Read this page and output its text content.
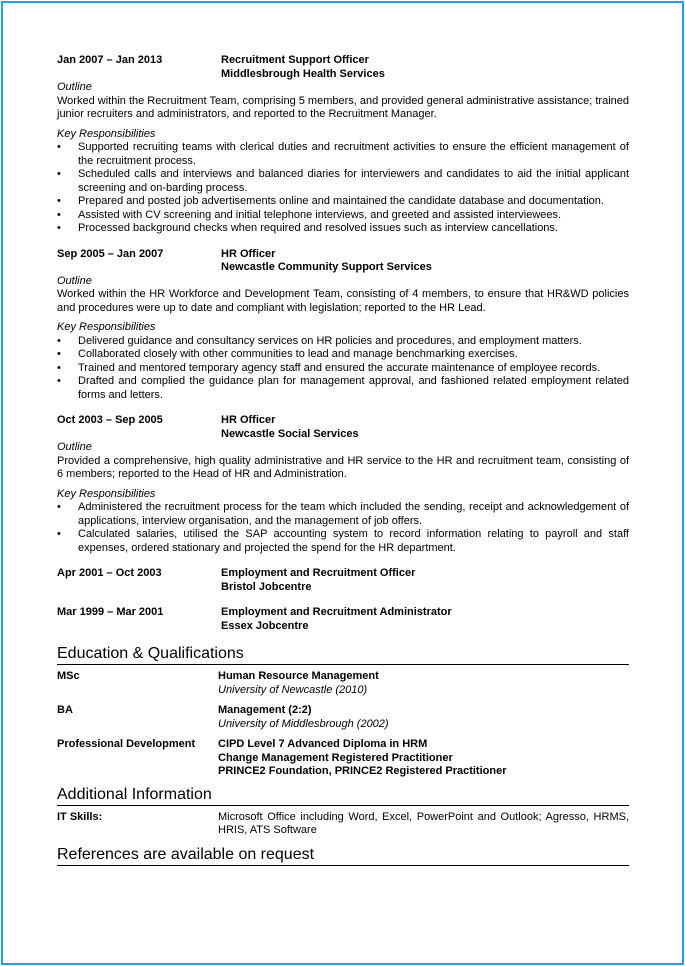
Jan 2007 – Jan 2013	Recruitment Support Officer
Middlesbrough Health Services
Outline
Worked within the Recruitment Team, comprising 5 members, and provided general administrative assistance; trained junior recruiters and administrators, and reported to the Recruitment Manager.
Key Responsibilities
•	Supported recruiting teams with clerical duties and recruitment activities to ensure the efficient management of the recruitment process.
•	Scheduled calls and interviews and balanced diaries for interviewers and candidates to aid the initial applicant screening and on-barding process.
•	Prepared and posted job advertisements online and maintained the candidate database and documentation.
•	Assisted with CV screening and initial telephone interviews, and greeted and assisted interviewees.
•	Processed background checks when required and resolved issues such as interview cancellations.
Sep 2005 – Jan 2007	HR Officer
Newcastle Community Support Services
Outline
Worked within the HR Workforce and Development Team, consisting of 4 members, to ensure that HR&WD policies and procedures were up to date and compliant with legislation; reported to the HR Lead.
Key Responsibilities
•	Delivered guidance and consultancy services on HR policies and procedures, and employment matters.
•	Collaborated closely with other communities to lead and manage benchmarking exercises.
•	Trained and mentored temporary agency staff and ensured the accurate maintenance of employee records.
•	Drafted and complied the guidance plan for management approval, and fashioned related employment related forms and letters.
Oct 2003 – Sep 2005	HR Officer
Newcastle Social Services
Outline
Provided a comprehensive, high quality administrative and HR service to the HR and recruitment team, consisting of 6 members; reported to the Head of HR and Administration.
Key Responsibilities
•	Administered the recruitment process for the team which included the sending, receipt and acknowledgement of applications, interview organisation, and the management of job offers.
•	Calculated salaries, utilised the SAP accounting system to record information relating to payroll and staff expenses, ordered stationary and projected the spend for the HR department.
Apr 2001 – Oct 2003	Employment and Recruitment Officer
Bristol Jobcentre
Mar 1999 – Mar 2001	Employment and Recruitment Administrator
Essex Jobcentre
Education & Qualifications
MSc	Human Resource Management
University of Newcastle (2010)
BA	Management (2:2)
University of Middlesbrough (2002)
Professional Development	CIPD Level 7 Advanced Diploma in HRM
Change Management Registered Practitioner
PRINCE2 Foundation, PRINCE2 Registered Practitioner
Additional Information
IT Skills:	Microsoft Office including Word, Excel, PowerPoint and Outlook; Agresso, HRMS, HRIS, ATS Software
References are available on request
